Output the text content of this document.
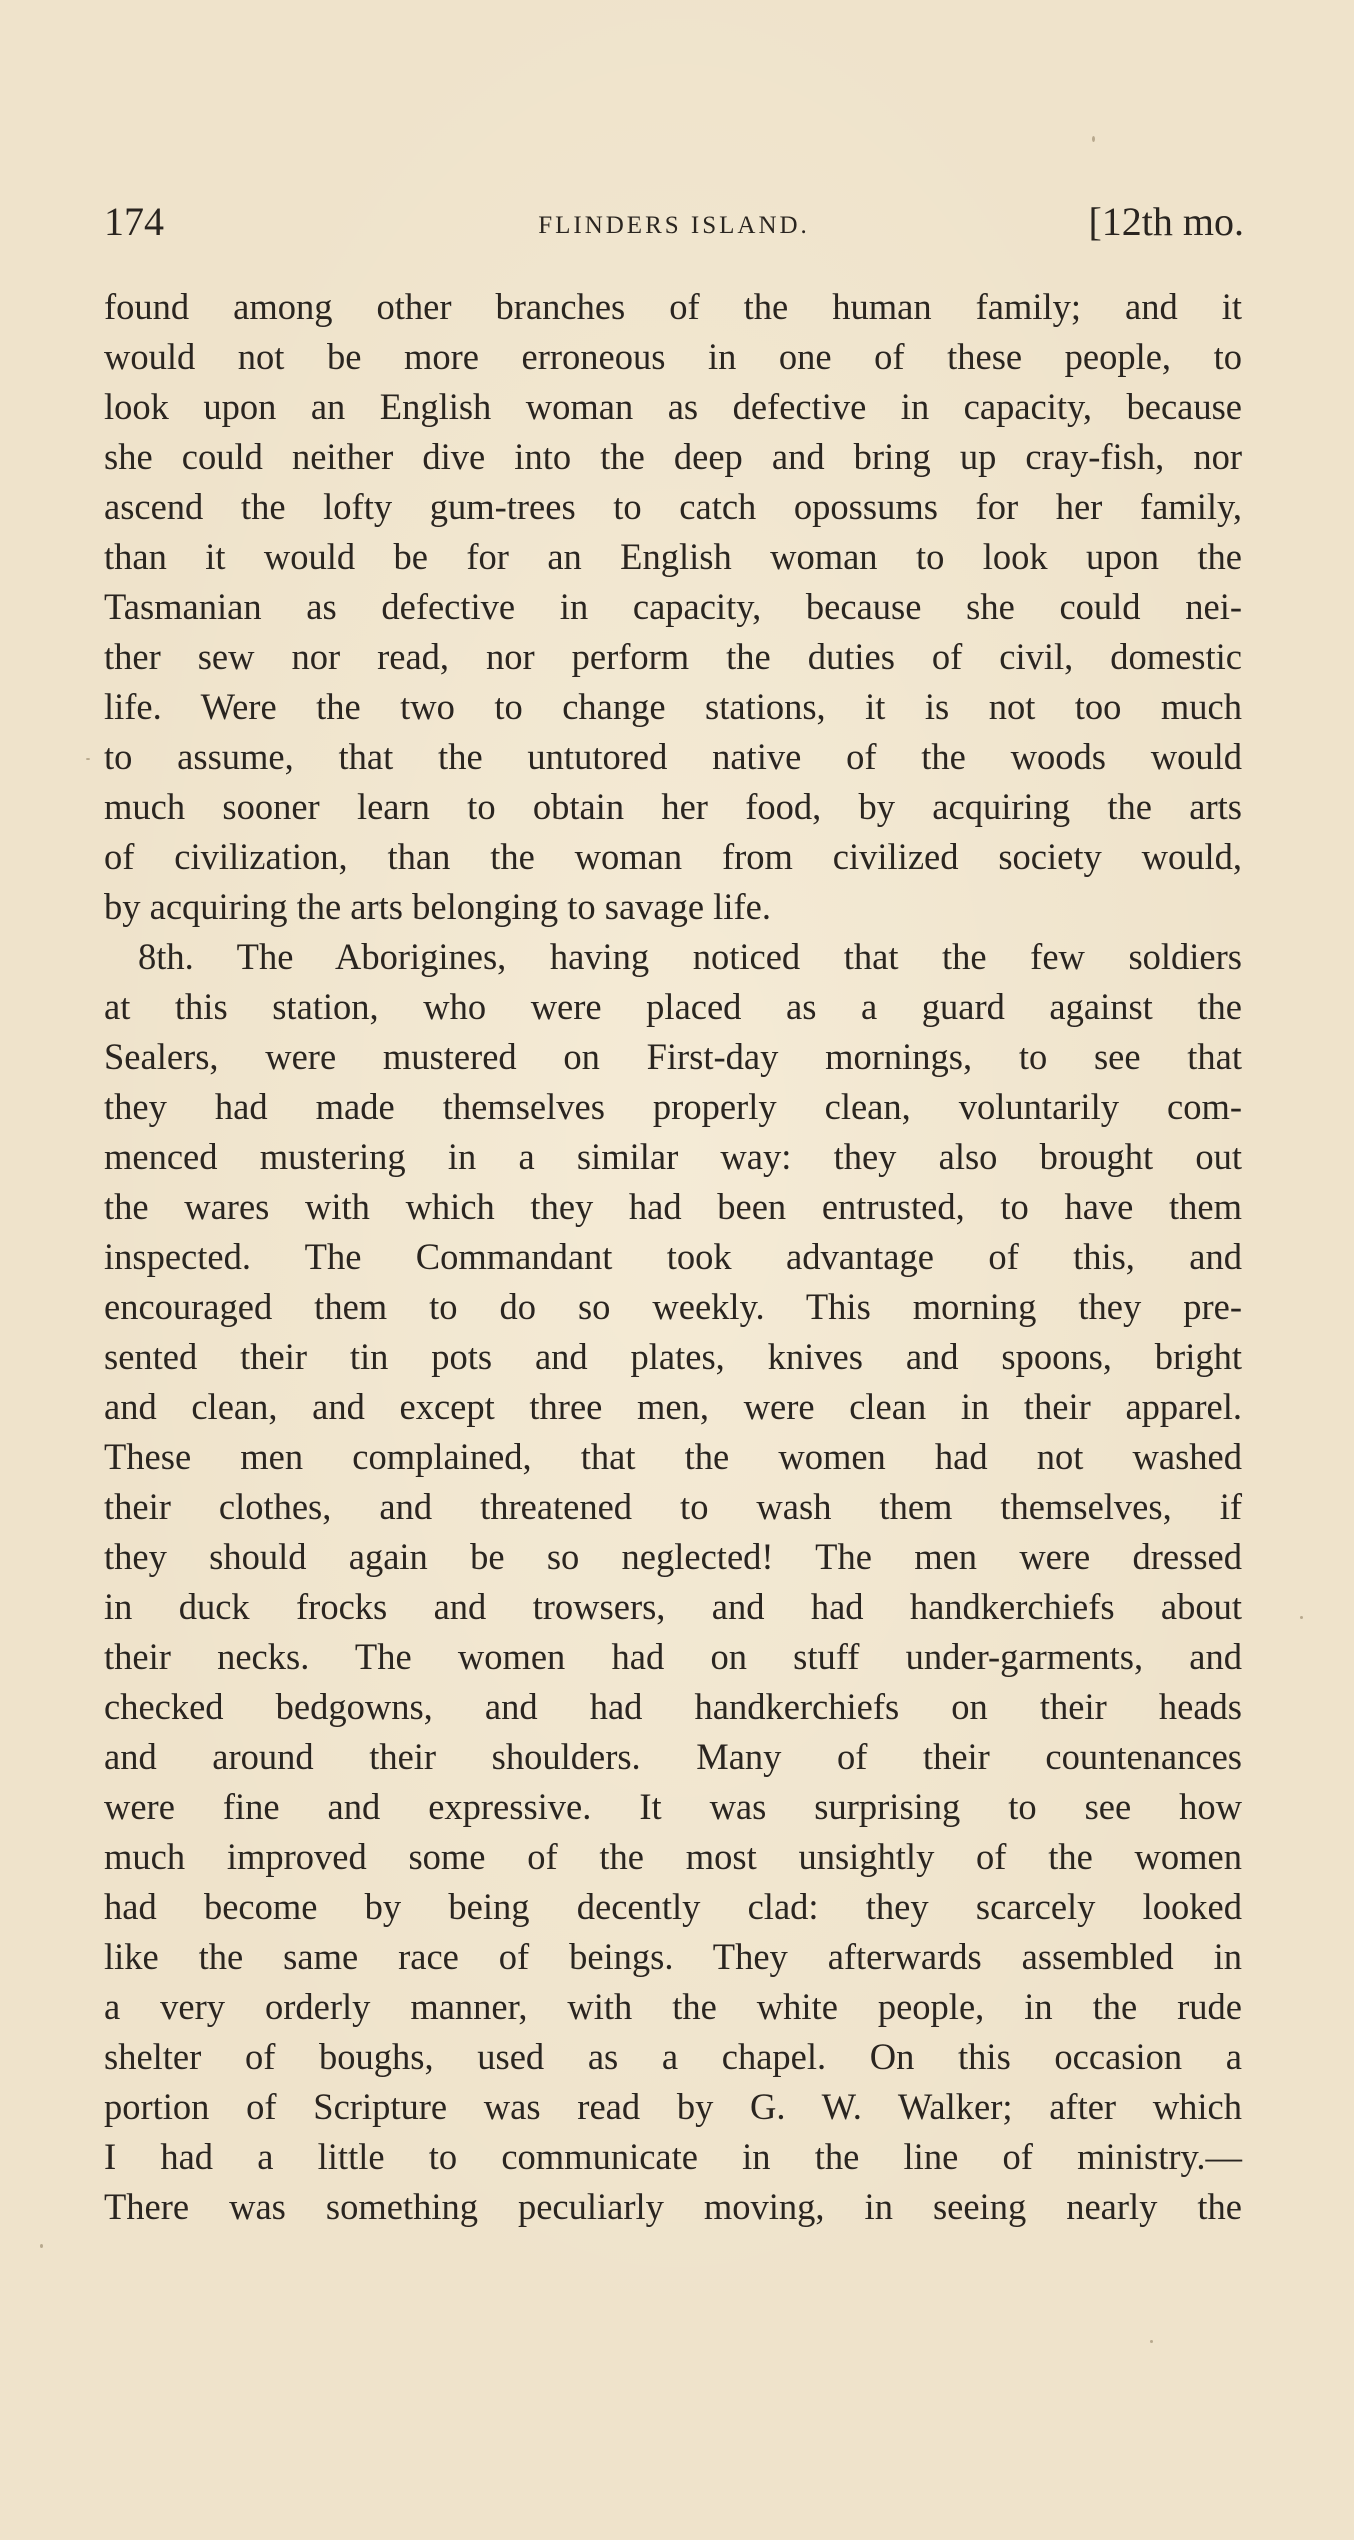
174	FLINDERS ISLAND.	[12th mo.
found among other branches of the human family; and it
would not be more erroneous in one of these people, to
look upon an English woman as defective in capacity, because
she could neither dive into the deep and bring up cray-fish, nor
ascend the lofty gum-trees to catch opossums for her family,
than it would be for an English woman to look upon the
Tasmanian as defective in capacity, because she could nei-
ther sew nor read, nor perform the duties of civil, domestic
life. Were the two to change stations, it is not too much
to assume, that the untutored native of the woods would
much sooner learn to obtain her food, by acquiring the arts
of civilization, than the woman from civilized society would,
by acquiring the arts belonging to savage life.
8th. The Aborigines, having noticed that the few soldiers
at this station, who were placed as a guard against the
Sealers, were mustered on First-day mornings, to see that
they had made themselves properly clean, voluntarily com-
menced mustering in a similar way: they also brought out
the wares with which they had been entrusted, to have them
inspected. The Commandant took advantage of this, and
encouraged them to do so weekly. This morning they pre-
sented their tin pots and plates, knives and spoons, bright
and clean, and except three men, were clean in their apparel.
These men complained, that the women had not washed
their clothes, and threatened to wash them themselves, if
they should again be so neglected! The men were dressed
in duck frocks and trowsers, and had handkerchiefs about
their necks. The women had on stuff under-garments, and
checked bedgowns, and had handkerchiefs on their heads
and around their shoulders. Many of their countenances
were fine and expressive. It was surprising to see how
much improved some of the most unsightly of the women
had become by being decently clad: they scarcely looked
like the same race of beings. They afterwards assembled in
a very orderly manner, with the white people, in the rude
shelter of boughs, used as a chapel. On this occasion a
portion of Scripture was read by G. W. Walker; after which
I had a little to communicate in the line of ministry.—
There was something peculiarly moving, in seeing nearly the
